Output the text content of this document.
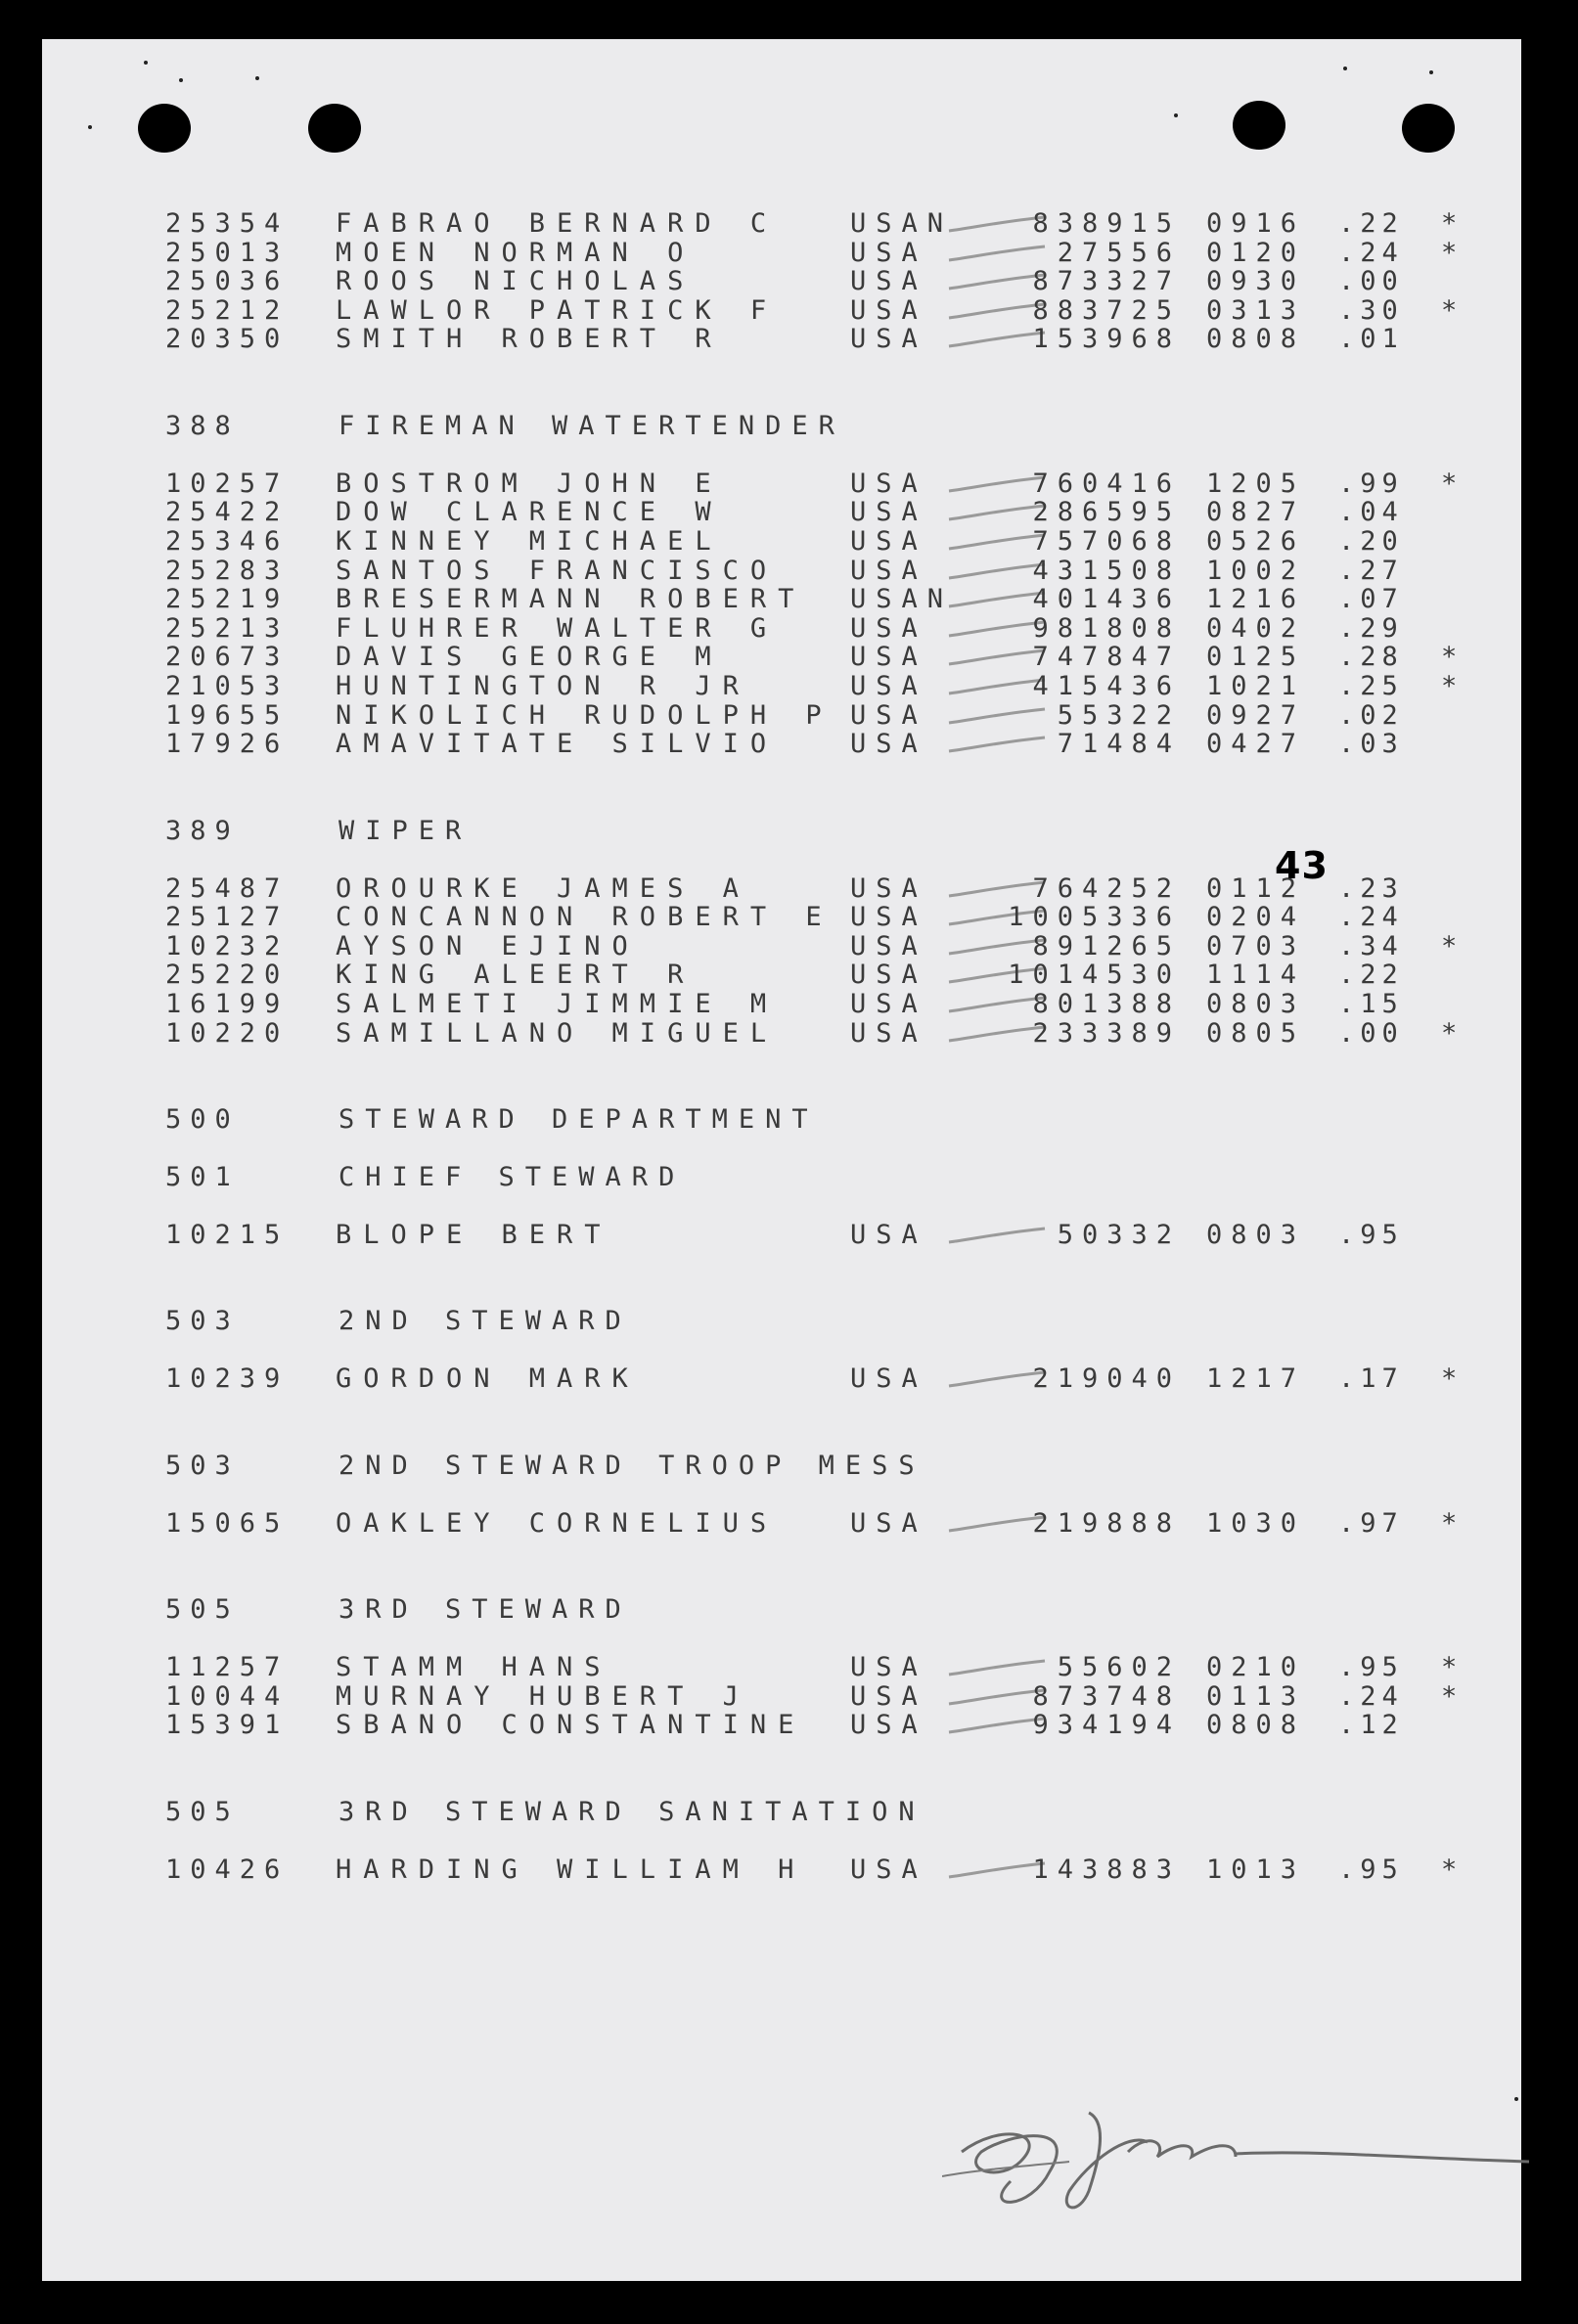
25354 FABRAO BERNARD C	USAN	838915 0916 .22 *
25013 MOEN NORMAN O	USA	27556 0120 .24 *
25036 ROOS NICHOLAS	USA	873327 0930 .00
25212 LAWLOR PATRICK F	USA	883725 0313 .30 *
20350 SMITH ROBERT R	USA	153968 0808 .01
388	FIREMAN WATERTENDER
10257 BOSTROM JOHN E	USA	760416 1205 .99 *
25422 DOW CLARENCE W	USA	286595 0827 .04
25346 KINNEY MICHAEL	USA	757068 0526 .20
25283 SANTOS FRANCISCO	USA	431508 1002 .27
25219 BRESERMANN ROBERT USAN	401436 1216 .07
25213 FLUHRER WALTER G	USA	981808 0402 .29
20673 DAVIS GEORGE M	USA	747847 0125 .28 *
21053 HUNTINGTON R JR	USA	415436 1021 .25 *
19655 NIKOLICH RUDOLPH P USA	55322 0927 .02
17926 AMAVITATE SILVIO	USA	71484 0427 .03
389	WIPER
25487 OROURKE JAMES A	USA	764252 0112 .23
25127 CONCANNON ROBERT E USA	1005336 0204 .24
10232 AYSON EJINO	USA	891265 0703 .34 *
25220 KING ALEERT R	USA	1014530 1114 .22
16199 SALMETI JIMMIE M	USA	801388 0803 .15
10220 SAMILLANO MIGUEL	USA	233389 0805 .00 *
500	STEWARD DEPARTMENT
501	CHIEF STEWARD
10215 BLOPE BERT	USA	50332 0803 .95
503	2ND STEWARD
10239 GORDON MARK	USA	219040 1217 .17 *
503	2ND STEWARD TROOP MESS
15065 OAKLEY CORNELIUS	USA	219888 1030 .97 *
505	3RD STEWARD
11257 STAMM HANS	USA	55602 0210 .95 *
10044 MURNAY HUBERT J	USA	873748 0113 .24 *
15391 SBANO CONSTANTINE USA	934194 0808 .12
505	3RD STEWARD SANITATION
10426 HARDING WILLIAM H USA	143883 1013 .95 *
43
